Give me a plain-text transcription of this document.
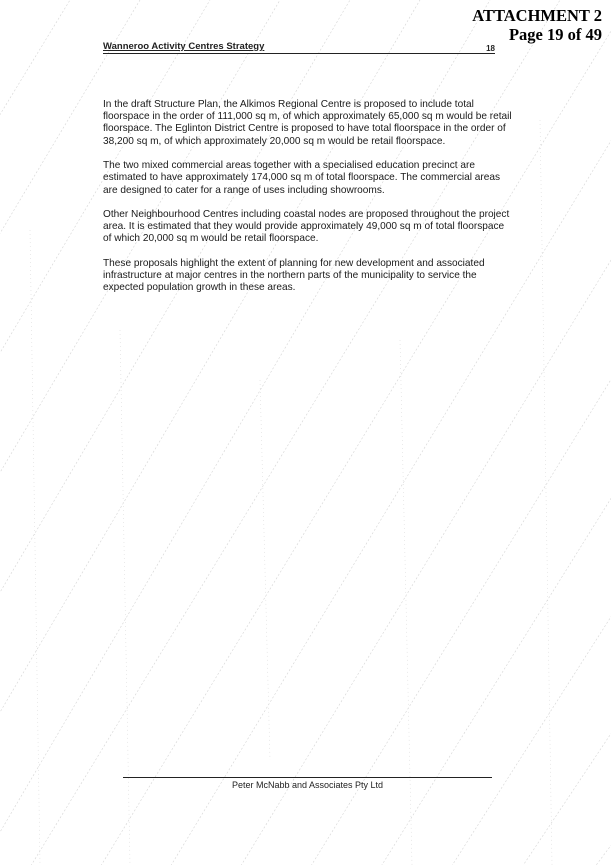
ATTACHMENT 2
Page 19 of 49
Wanneroo Activity Centres Strategy	18

In the draft Structure Plan, the Alkimos Regional Centre is proposed to include total floorspace in the order of 111,000 sq m, of which approximately 65,000 sq m would be retail floorspace. The Eglinton District Centre is proposed to have total floorspace in the order of 38,200 sq m, of which approximately 20,000 sq m would be retail floorspace.

The two mixed commercial areas together with a specialised education precinct are estimated to have approximately 174,000 sq m of total floorspace. The commercial areas are designed to cater for a range of uses including showrooms.

Other Neighbourhood Centres including coastal nodes are proposed throughout the project area. It is estimated that they would provide approximately 49,000 sq m of total floorspace of which 20,000 sq m would be retail floorspace.

These proposals highlight the extent of planning for new development and associated infrastructure at major centres in the northern parts of the municipality to service the expected population growth in these areas.

Peter McNabb and Associates Pty Ltd
